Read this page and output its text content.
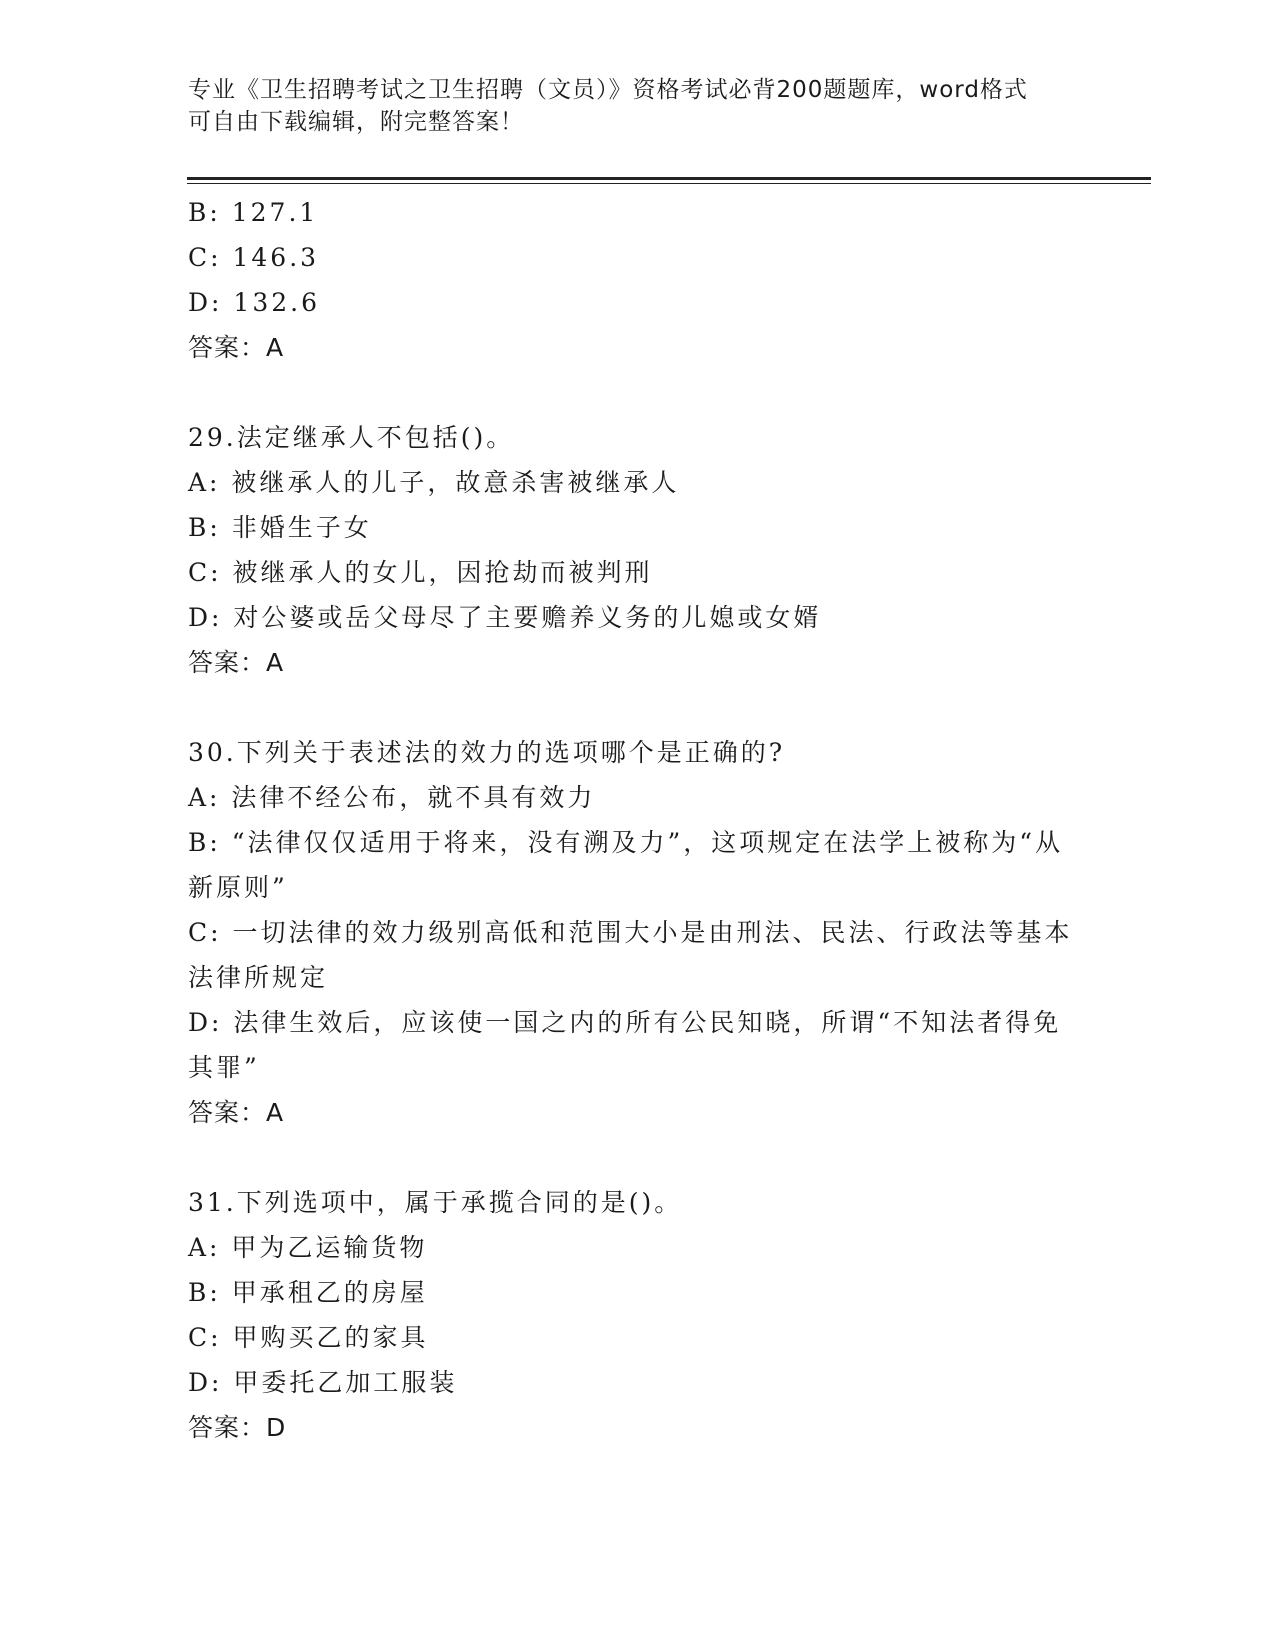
专业《卫生招聘考试之卫生招聘（文员）》资格考试必背200题题库，word格式
可自由下载编辑，附完整答案！
B: 127.1
C: 146.3
D: 132.6
答案：A
29.法定继承人不包括()。
A: 被继承人的儿子，故意杀害被继承人
B: 非婚生子女
C: 被继承人的女儿，因抢劫而被判刑
D: 对公婆或岳父母尽了主要赡养义务的儿媳或女婿
答案：A
30.下列关于表述法的效力的选项哪个是正确的?
A: 法律不经公布，就不具有效力
B: “法律仅仅适用于将来，没有溯及力”，这项规定在法学上被称为“从新原则”
C: 一切法律的效力级别高低和范围大小是由刑法、民法、行政法等基本法律所规定
D: 法律生效后，应该使一国之内的所有公民知晓，所谓“不知法者得免其罪”
答案：A
31.下列选项中，属于承揽合同的是()。
A: 甲为乙运输货物
B: 甲承租乙的房屋
C: 甲购买乙的家具
D: 甲委托乙加工服装
答案：D
